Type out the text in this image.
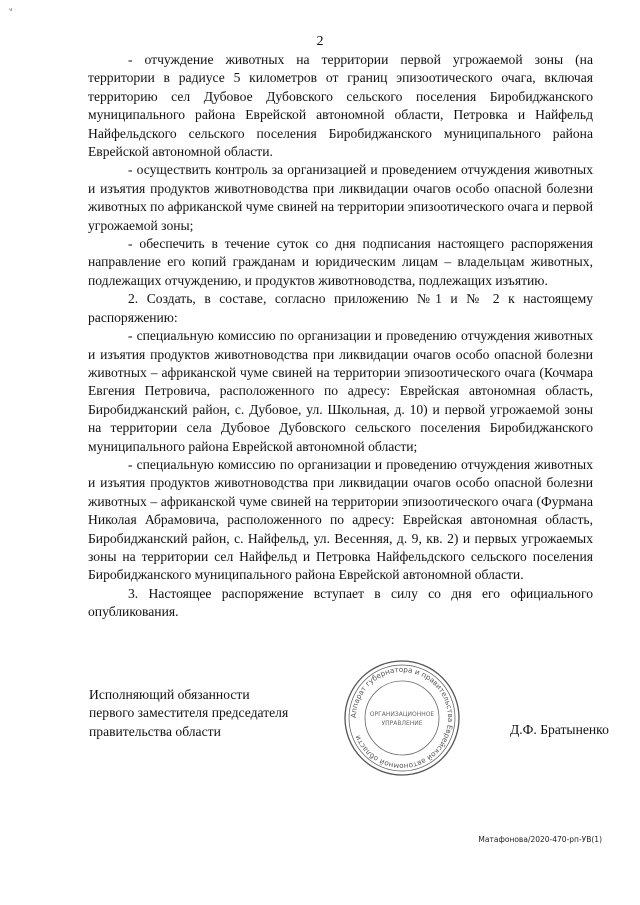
ᵥ
2

- отчуждение животных на территории первой угрожаемой зоны (на территории в радиусе 5 километров от границ эпизоотического очага, включая территорию сел Дубовое Дубовского сельского поселения Биробиджанского муниципального района Еврейской автономной области, Петровка и Найфельд Найфельдского сельского поселения Биробиджанского муниципального района Еврейской автономной области.

- осуществить контроль за организацией и проведением отчуждения животных и изъятия продуктов животноводства при ликвидации очагов особо опасной болезни животных по африканской чуме свиней на территории эпизоотического очага и первой угрожаемой зоны;

- обеспечить в течение суток со дня подписания настоящего распоряжения направление его копий гражданам и юридическим лицам – владельцам животных, подлежащих отчуждению, и продуктов животноводства, подлежащих изъятию.

2. Создать, в составе, согласно приложению №1 и № 2 к настоящему распоряжению:

- специальную комиссию по организации и проведению отчуждения животных и изъятия продуктов животноводства при ликвидации очагов особо опасной болезни животных – африканской чуме свиней на территории эпизоотического очага (Кочмара Евгения Петровича, расположенного по адресу: Еврейская автономная область, Биробиджанский район, с. Дубовое, ул. Школьная, д. 10) и первой угрожаемой зоны на территории села Дубовое Дубовского сельского поселения Биробиджанского муниципального района Еврейской автономной области;

- специальную комиссию по организации и проведению отчуждения животных и изъятия продуктов животноводства при ликвидации очагов особо опасной болезни животных – африканской чуме свиней на территории эпизоотического очага (Фурмана Николая Абрамовича, расположенного по адресу: Еврейская автономная область, Биробиджанский район, с. Найфельд, ул. Весенняя, д. 9, кв. 2) и первых угрожаемых зоны на территории сел Найфельд и Петровка Найфельдского сельского поселения Биробиджанского муниципального района Еврейской автономной области.

3. Настоящее распоряжение вступает в силу со дня его официального опубликования.

Исполняющий обязанности
первого заместителя председателя
правительства области
Аппарат губернатора и правительства Еврейской автономной области
ОРГАНИЗАЦИОННОЕ
УПРАВЛЕНИЕ	Д.Ф. Братыненко
Матафонова/2020-470-рп-УВ(1)
